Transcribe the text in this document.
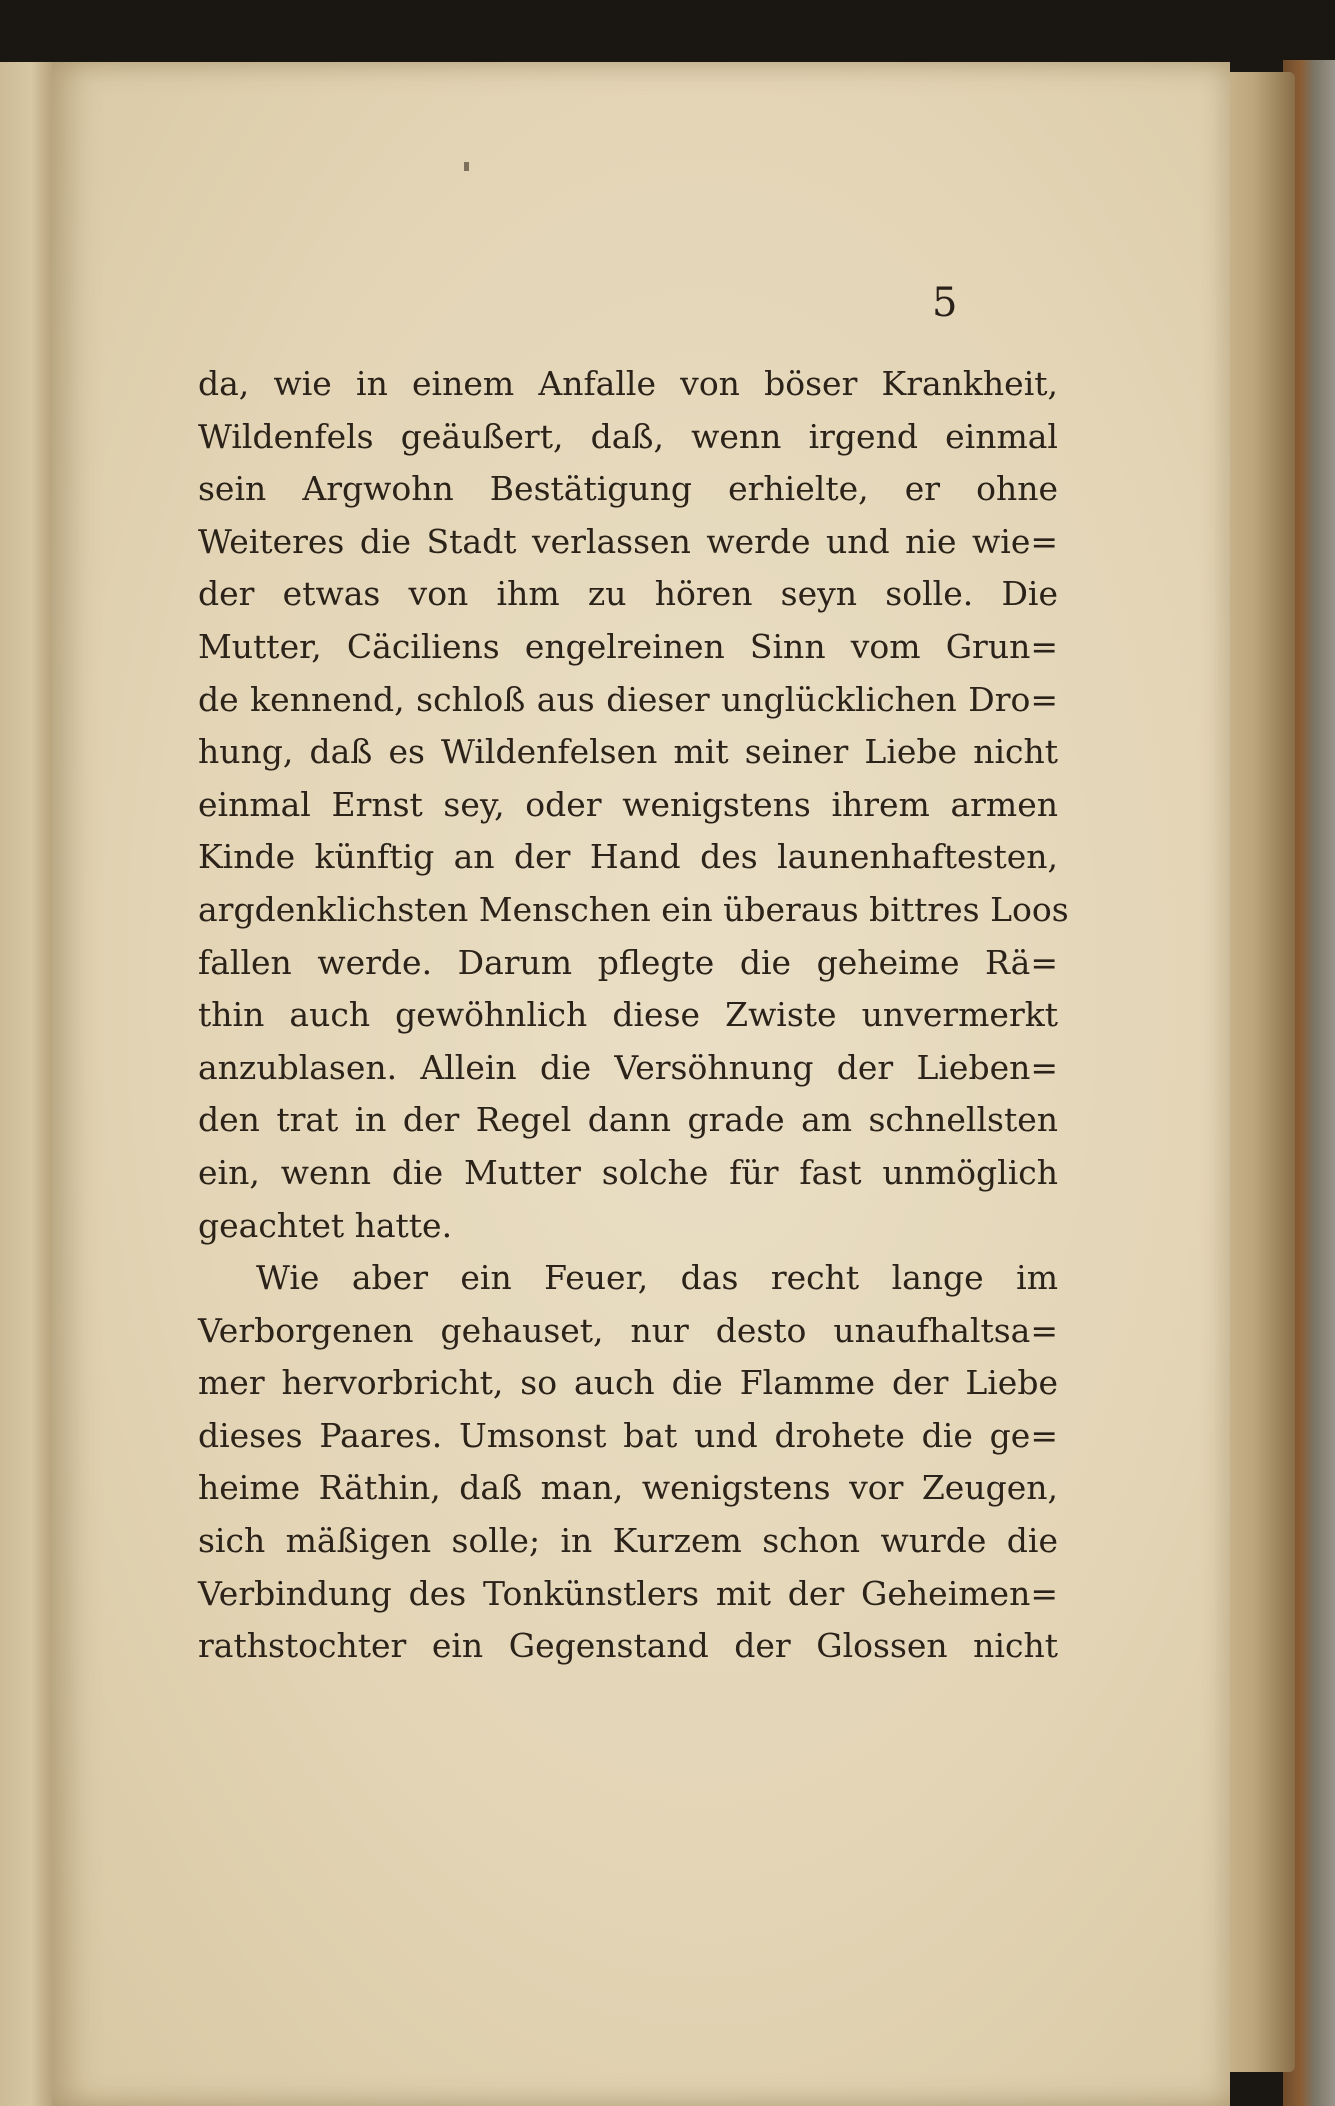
5
da, wie in einem Anfalle von böser Krankheit,
Wildenfels geäußert, daß, wenn irgend einmal
sein Argwohn Bestätigung erhielte, er ohne
Weiteres die Stadt verlassen werde und nie wie=
der etwas von ihm zu hören seyn solle. Die
Mutter, Cäciliens engelreinen Sinn vom Grun=
de kennend, schloß aus dieser unglücklichen Dro=
hung, daß es Wildenfelsen mit seiner Liebe nicht
einmal Ernst sey, oder wenigstens ihrem armen
Kinde künftig an der Hand des launenhaftesten,
argdenklichsten Menschen ein überaus bittres Loos
fallen werde. Darum pflegte die geheime Rä=
thin auch gewöhnlich diese Zwiste unvermerkt
anzublasen. Allein die Versöhnung der Lieben=
den trat in der Regel dann grade am schnellsten
ein, wenn die Mutter solche für fast unmöglich
geachtet hatte.
Wie aber ein Feuer, das recht lange im
Verborgenen gehauset, nur desto unaufhaltsa=
mer hervorbricht, so auch die Flamme der Liebe
dieses Paares. Umsonst bat und drohete die ge=
heime Räthin, daß man, wenigstens vor Zeugen,
sich mäßigen solle; in Kurzem schon wurde die
Verbindung des Tonkünstlers mit der Geheimen=
rathstochter ein Gegenstand der Glossen nicht
